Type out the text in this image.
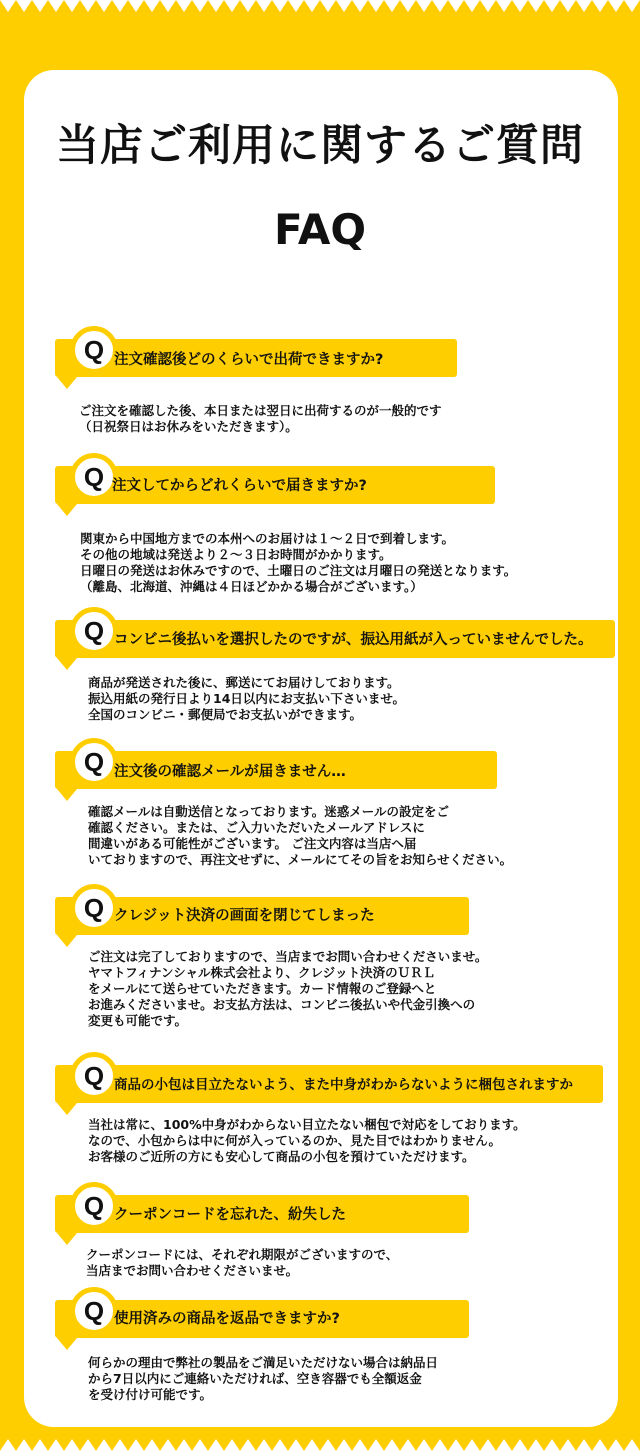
当店ご利用に関するご質問
FAQ
Q 注文確認後どのくらいで出荷できますか?
ご注文を確認した後、本日または翌日に出荷するのが一般的です
（日祝祭日はお休みをいただきます）。
Q 注文してからどれくらいで届きますか?
関東から中国地方までの本州へのお届けは１～２日で到着します。
その他の地域は発送より２～３日お時間がかかります。
日曜日の発送はお休みですので、土曜日のご注文は月曜日の発送となります。
（離島、北海道、沖縄は４日ほどかかる場合がございます。）
Q コンビニ後払いを選択したのですが、振込用紙が入っていませんでした。
商品が発送された後に、郵送にてお届けしております。
振込用紙の発行日より14日以内にお支払い下さいませ。
全国のコンビニ・郵便局でお支払いができます。
Q 注文後の確認メールが届きません…
確認メールは自動送信となっております。迷惑メールの設定をご
確認ください。または、ご入力いただいたメールアドレスに
間違いがある可能性がございます。 ご注文内容は当店へ届
いておりますので、再注文せずに、メールにてその旨をお知らせください。
Q クレジット決済の画面を閉じてしまった
ご注文は完了しておりますので、当店までお問い合わせくださいませ。
ヤマトフィナンシャル株式会社より、クレジット決済のＵＲＬ
をメールにて送らせていただきます。カード情報のご登録へと
お進みくださいませ。お支払方法は、コンビニ後払いや代金引換への
変更も可能です。
Q 商品の小包は目立たないよう、また中身がわからないように梱包されますか
当社は常に、100%中身がわからない目立たない梱包で対応をしております。
なので、小包からは中に何が入っているのか、見た目ではわかりません。
お客様のご近所の方にも安心して商品の小包を預けていただけます。
Q クーポンコードを忘れた、紛失した
クーポンコードには、それぞれ期限がございますので、
当店までお問い合わせくださいませ。
Q 使用済みの商品を返品できますか?
何らかの理由で弊社の製品をご満足いただけない場合は納品日
から7日以内にご連絡いただければ、空き容器でも全額返金
を受け付け可能です。
